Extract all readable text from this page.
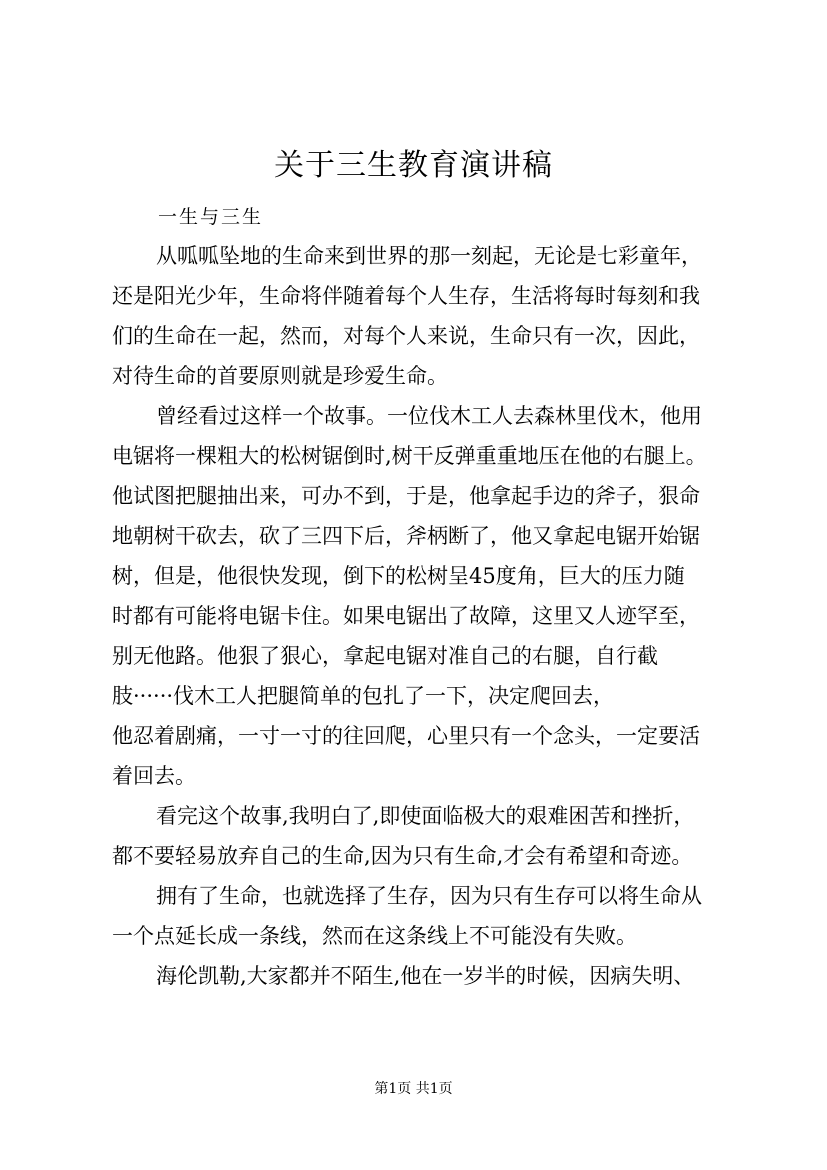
关于三生教育演讲稿
一生与三生

从呱呱坠地的生命来到世界的那一刻起，无论是七彩童年，
还是阳光少年，生命将伴随着每个人生存，生活将每时每刻和我
们的生命在一起，然而，对每个人来说，生命只有一次，因此，
对待生命的首要原则就是珍爱生命。

曾经看过这样一个故事。一位伐木工人去森林里伐木，他用
电锯将一棵粗大的松树锯倒时,树干反弹重重地压在他的右腿上。
他试图把腿抽出来，可办不到，于是，他拿起手边的斧子，狠命
地朝树干砍去，砍了三四下后，斧柄断了，他又拿起电锯开始锯
树，但是，他很快发现，倒下的松树呈45度角，巨大的压力随
时都有可能将电锯卡住。如果电锯出了故障，这里又人迹罕至，
别无他路。他狠了狠心，拿起电锯对准自己的右腿，自行截
肢······伐木工人把腿简单的包扎了一下，决定爬回去，
他忍着剧痛，一寸一寸的往回爬，心里只有一个念头，一定要活
着回去。

看完这个故事,我明白了,即使面临极大的艰难困苦和挫折，
都不要轻易放弃自己的生命,因为只有生命,才会有希望和奇迹。

拥有了生命，也就选择了生存，因为只有生存可以将生命从
一个点延长成一条线，然而在这条线上不可能没有失败。

海伦凯勒,大家都并不陌生,他在一岁半的时候，因病失明、

第1页 共1页
